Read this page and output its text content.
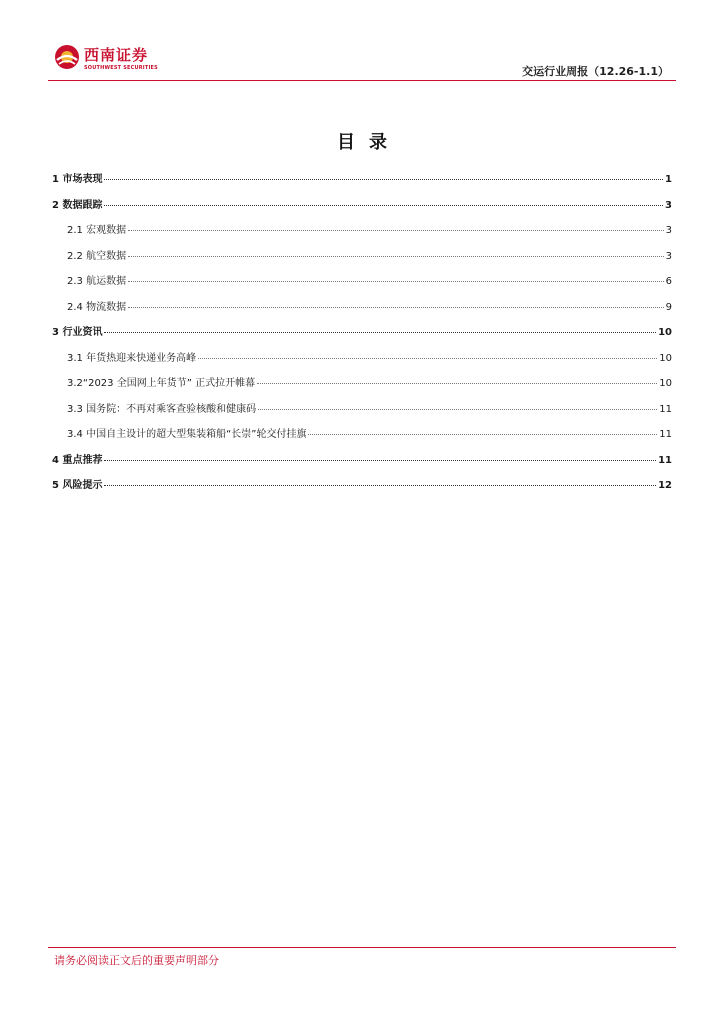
西南证券
SOUTHWEST SECURITIES	交运行业周报（12.26-1.1）
目录
1 市场表现	1
2 数据跟踪	3
2.1 宏观数据	3
2.2 航空数据	3
2.3 航运数据	6
2.4 物流数据	9
3 行业资讯	10
3.1 年货热迎来快递业务高峰	10
3.2“2023 全国网上年货节” 正式拉开帷幕	10
3.3 国务院：不再对乘客查验核酸和健康码	11
3.4 中国自主设计的超大型集装箱船“长崇”轮交付挂旗	11
4 重点推荐	11
5 风险提示	12
请务必阅读正文后的重要声明部分
